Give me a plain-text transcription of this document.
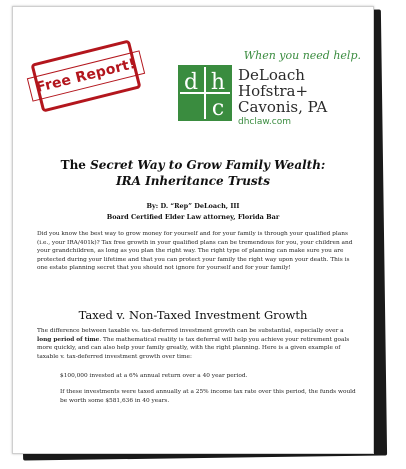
Free Report!
When you need help.
d h
c
DeLoach
Hofstra+
Cavonis, PA
dhclaw.com
The Secret Way to Grow Family Wealth:
IRA Inheritance Trusts
By: D. “Rep” DeLoach, III
Board Certified Elder Law attorney, Florida Bar
Did you know the best way to grow money for yourself and for your family is through your qualified plans (i.e., your IRA/401k)? Tax free growth in your qualified plans can be tremendous for you, your children and your grandchildren, as long as you plan the right way. The right type of planning can make sure you are protected during your lifetime and that you can protect your family the right way upon your death. This is one estate planning secret that you should not ignore for yourself and for your family!
Taxed v. Non-Taxed Investment Growth
The difference between taxable vs. tax-deferred investment growth can be substantial, especially over a long period of time. The mathematical reality is tax deferral will help you achieve your retirement goals more quickly, and can also help your family greatly, with the right planning. Here is a given example of taxable v. tax-deferred investment growth over time:
$100,000 invested at a 6% annual return over a 40 year period.
If these investments were taxed annually at a 25% income tax rate over this period, the funds would be worth some $581,636 in 40 years.
